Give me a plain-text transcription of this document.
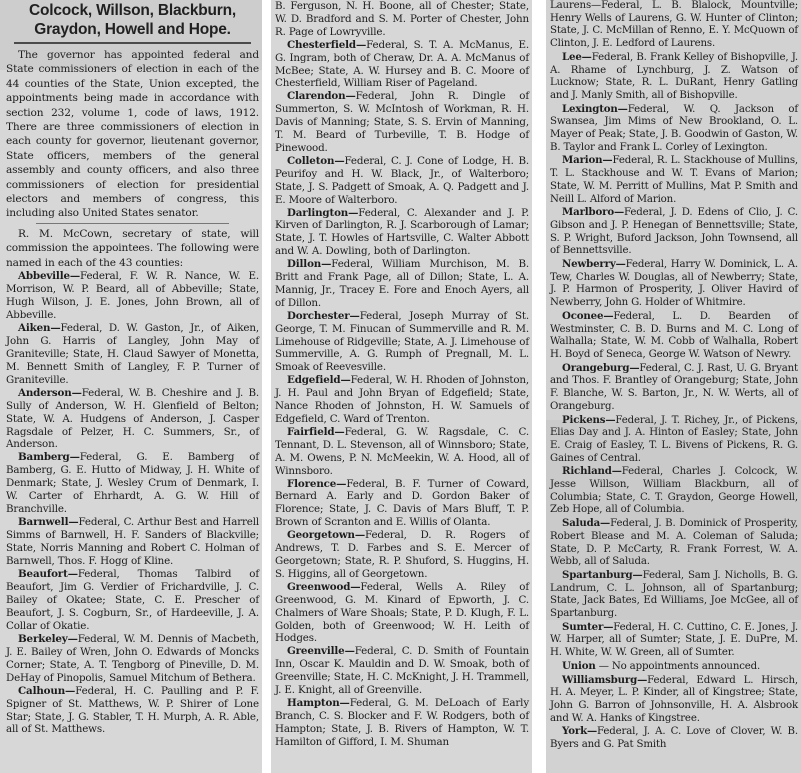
Colcock, Willson, Blackburn,
Graydon, Howell and Hope.

The governor has appointed federal and State commissioners of election in each of the 44 counties of the State, Union excepted, the appointments being made in accordance with section 232, volume 1, code of laws, 1912. There are three commissioners of election in each county for governor, lieutenant governor, State officers, members of the general assembly and county officers, and also three commissioners of election for presidential electors and members of congress, this including also United States senator.

R. M. McCown, secretary of state, will commission the appointees. The following were named in each of the 43 counties:

Abbeville—Federal, F. W. R. Nance, W. E. Morrison, W. P. Beard, all of Abbeville; State, Hugh Wilson, J. E. Jones, John Brown, all of Abbeville.

Aiken—Federal, D. W. Gaston, Jr., of Aiken, John G. Harris of Langley, John May of Graniteville; State, H. Claud Sawyer of Monetta, M. Bennett Smith of Langley, F. P. Turner of Graniteville.

Anderson—Federal, W. B. Cheshire and J. B. Sully of Anderson, W. H. Glenfield of Belton; State, W. A. Hudgens of Anderson, J. Casper Ragsdale of Pelzer, H. C. Summers, Sr., of Anderson.

Bamberg—Federal, G. E. Bamberg of Bamberg, G. E. Hutto of Midway, J. H. White of Denmark; State, J. Wesley Crum of Denmark, I. W. Carter of Ehrhardt, A. G. W. Hill of Branchville.

Barnwell—Federal, C. Arthur Best and Harrell Simms of Barnwell, H. F. Sanders of Blackville; State, Norris Manning and Robert C. Holman of Barnwell, Thos. F. Hogg of Kline.

Beaufort—Federal, Thomas Talbird of Beaufort, Jim G. Verdier of Frichardville, J. C. Bailey of Okatee; State, C. E. Prescher of Beaufort, J. S. Cogburn, Sr., of Hardeeville, J. A. Collar of Okatie.

Berkeley—Federal, W. M. Dennis of Macbeth, J. E. Bailey of Wren, John O. Edwards of Moncks Corner; State, A. T. Tengborg of Pineville, D. M. DeHay of Pinopolis, Samuel Mitchum of Bethera.

Calhoun—Federal, H. C. Paulling and P. F. Spigner of St. Matthews, W. P. Shirer of Lone Star; State, J. G. Stabler, T. H. Murph, A. R. Able, all of St. Matthews.

B. Ferguson, N. H. Boone, all of Chester; State, W. D. Bradford and S. M. Porter of Chester, John R. Page of Lowryville.

Chesterfield—Federal, S. T. A. McManus, E. G. Ingram, both of Cheraw, Dr. A. A. McManus of McBee; State, A. W. Hursey and B. C. Moore of Chesterfield, William Riser of Pageland.

Clarendon—Federal, John R. Dingle of Summerton, S. W. McIntosh of Workman, R. H. Davis of Manning; State, S. S. Ervin of Manning, T. M. Beard of Turbeville, T. B. Hodge of Pinewood.

Colleton—Federal, C. J. Cone of Lodge, H. B. Peurifoy and H. W. Black, Jr., of Walterboro; State, J. S. Padgett of Smoak, A. Q. Padgett and J. E. Moore of Walterboro.

Darlington—Federal, C. Alexander and J. P. Kirven of Darlington, R. J. Scarborough of Lamar; State, J. T. Howles of Hartsville, C. Walter Abbott and W. A. Dowling, both of Darlington.

Dillon—Federal, William Murchison, M. B. Britt and Frank Page, all of Dillon; State, L. A. Mannig, Jr., Tracey E. Fore and Enoch Ayers, all of Dillon.

Dorchester—Federal, Joseph Murray of St. George, T. M. Finucan of Summerville and R. M. Limehouse of Ridgeville; State, A. J. Limehouse of Summerville, A. G. Rumph of Pregnall, M. L. Smoak of Reevesville.

Edgefield—Federal, W. H. Rhoden of Johnston, J. H. Paul and John Bryan of Edgefield; State, Nance Rhoden of Johnston, H. W. Samuels of Edgefield, C. Ward of Trenton.

Fairfield—Federal, G. W. Ragsdale, C. C. Tennant, D. L. Stevenson, all of Winnsboro; State, A. M. Owens, P. N. McMeekin, W. A. Hood, all of Winnsboro.

Florence—Federal, B. F. Turner of Coward, Bernard A. Early and D. Gordon Baker of Florence; State, J. C. Davis of Mars Bluff, T. P. Brown of Scranton and E. Willis of Olanta.

Georgetown—Federal, D. R. Rogers of Andrews, T. D. Farbes and S. E. Mercer of Georgetown; State, R. P. Shuford, S. Huggins, H. S. Higgins, all of Georgetown.

Greenwood—Federal, Wells A. Riley of Greenwood, G. M. Kinard of Epworth, J. C. Chalmers of Ware Shoals; State, P. D. Klugh, F. L. Golden, both of Greenwood; W. H. Leith of Hodges.

Greenville—Federal, C. D. Smith of Fountain Inn, Oscar K. Mauldin and D. W. Smoak, both of Greenville; State, H. C. McKnight, J. H. Trammell, J. E. Knight, all of Greenville.

Hampton—Federal, G. M. DeLoach of Early Branch, C. S. Blocker and F. W. Rodgers, both of Hampton; State, J. B. Rivers of Hampton, W. T. Hamilton of Gifford, I. M. Shuman

Laurens—Federal, L. B. Blalock, Mountville; Henry Wells of Laurens, G. W. Hunter of Clinton; State, J. C. McMillan of Renno, E. Y. McQuown of Clinton, J. E. Ledford of Laurens.

Lee—Federal, B. Frank Kelley of Bishopville, J. A. Rhame of Lynchburg, J. Z. Watson of Lucknow; State, R. L. DuRant, Henry Gatling and J. Manly Smith, all of Bishopville.

Lexington—Federal, W. Q. Jackson of Swansea, Jim Mims of New Brookland, O. L. Mayer of Peak; State, J. B. Goodwin of Gaston, W. B. Taylor and Frank L. Corley of Lexington.

Marion—Federal, R. L. Stackhouse of Mullins, T. L. Stackhouse and W. T. Evans of Marion; State, W. M. Perritt of Mullins, Mat P. Smith and Neill L. Alford of Marion.

Marlboro—Federal, J. D. Edens of Clio, J. C. Gibson and J. P. Henegan of Bennettsville; State, S. P. Wright, Buford Jackson, John Townsend, all of Bennettsville.

Newberry—Federal, Harry W. Dominick, L. A. Tew, Charles W. Douglas, all of Newberry; State, J. P. Harmon of Prosperity, J. Oliver Havird of Newberry, John G. Holder of Whitmire.

Oconee—Federal, L. D. Bearden of Westminster, C. B. D. Burns and M. C. Long of Walhalla; State, W. M. Cobb of Walhalla, Robert H. Boyd of Seneca, George W. Watson of Newry.

Orangeburg—Federal, C. J. Rast, U. G. Bryant and Thos. F. Brantley of Orangeburg; State, John F. Blanche, W. S. Barton, Jr., N. W. Werts, all of Orangeburg.

Pickens—Federal, J. T. Richey, Jr., of Pickens, Elias Day and J. A. Hinton of Easley; State, John E. Craig of Easley, T. L. Bivens of Pickens, R. G. Gaines of Central.

Richland—Federal, Charles J. Colcock, W. Jesse Willson, William Blackburn, all of Columbia; State, C. T. Graydon, George Howell, Zeb Hope, all of Columbia.

Saluda—Federal, J. B. Dominick of Prosperity, Robert Blease and M. A. Coleman of Saluda; State, D. P. McCarty, R. Frank Forrest, W. A. Webb, all of Saluda.

Spartanburg—Federal, Sam J. Nicholls, B. G. Landrum, C. L. Johnson, all of Spartanburg; State, Jack Bates, Ed Williams, Joe McGee, all of Spartanburg.

Sumter—Federal, H. C. Cuttino, C. E. Jones, J. W. Harper, all of Sumter; State, J. E. DuPre, M. H. White, W. W. Green, all of Sumter.

Union — No appointments announced.

Williamsburg—Federal, Edward L. Hirsch, H. A. Meyer, L. P. Kinder, all of Kingstree; State, John G. Barron of Johnsonville, H. A. Alsbrook and W. A. Hanks of Kingstree.

York—Federal, J. A. C. Love of Clover, W. B. Byers and G. Pat Smith
